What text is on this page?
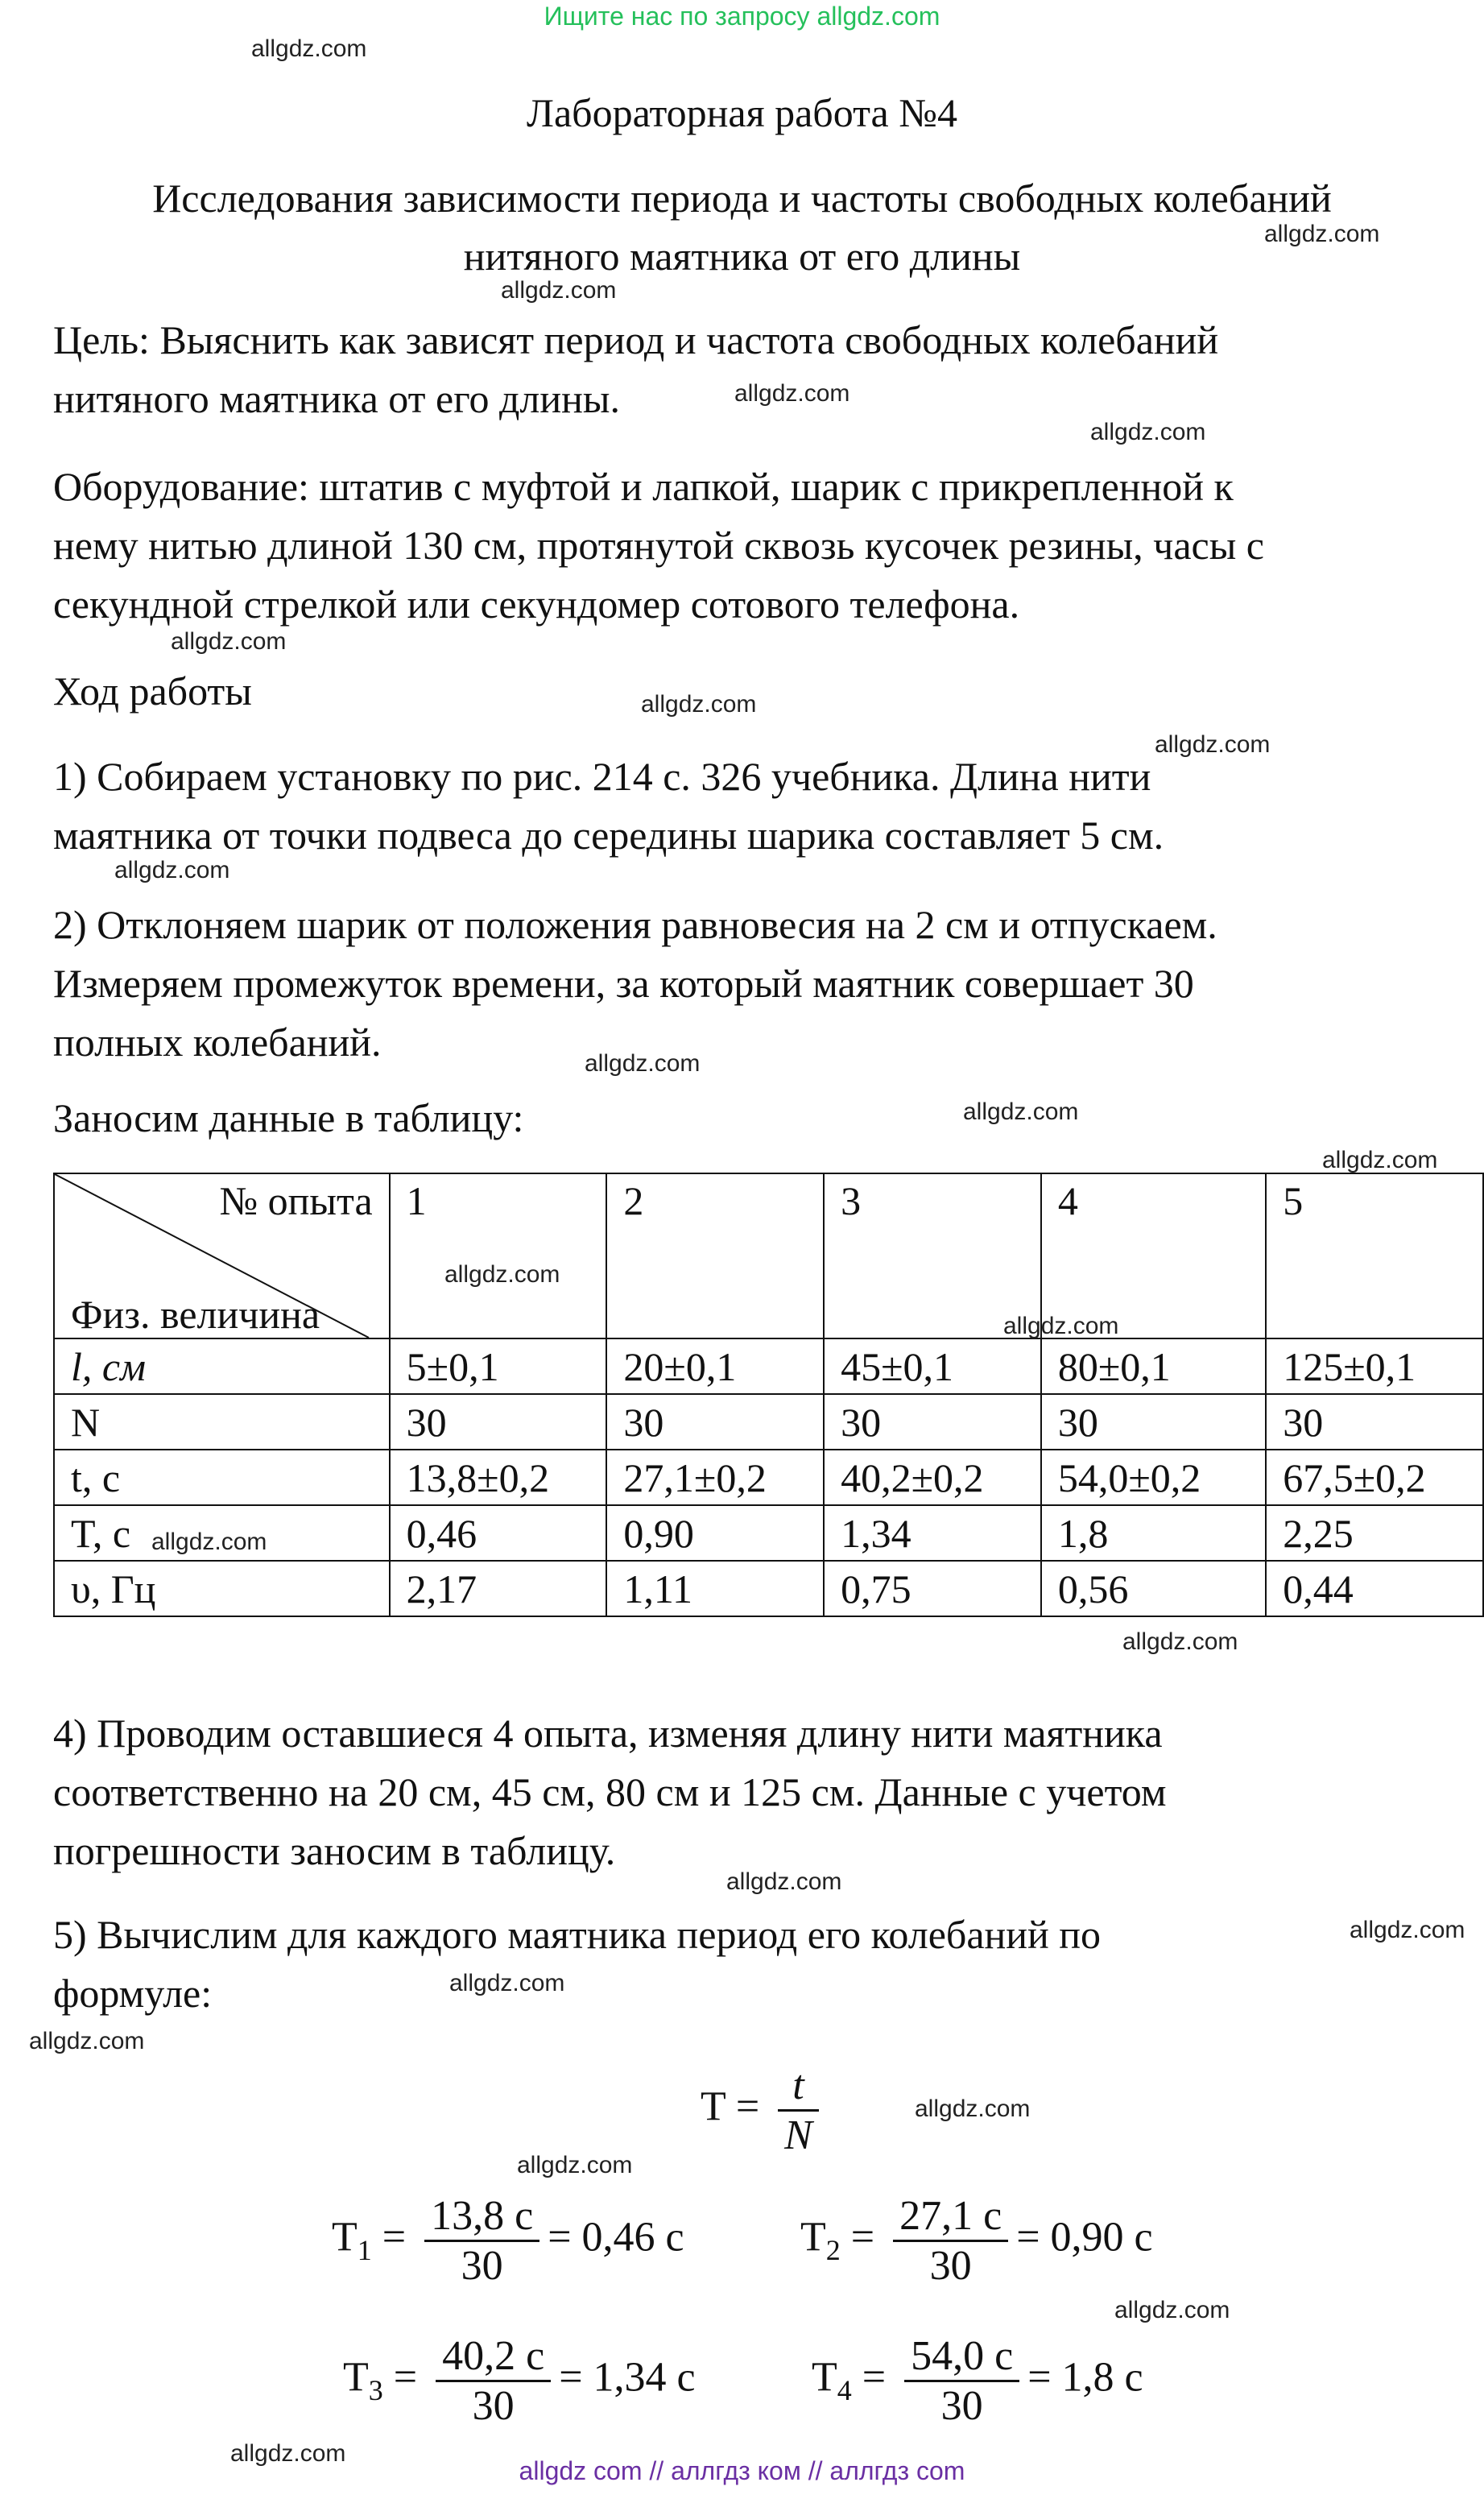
Ищите нас по запросу allgdz.com
allgdz.com
Лабораторная работа №4
Исследования зависимости периода и частоты свободных колебаний
нитяного маятника от его длины	allgdz.com
allgdz.com
Цель: Выяснить как зависят период и частота свободных колебаний
нитяного маятника от его длины.	allgdz.com
allgdz.com
Оборудование: штатив с муфтой и лапкой, шарик с прикрепленной к
нему нитью длиной 130 см, протянутой сквозь кусочек резины, часы с
секундной стрелкой или секундомер сотового телефона.
allgdz.com
Ход работы	allgdz.com
allgdz.com
1) Собираем установку по рис. 214 с. 326 учебника. Длина нити
маятника от точки подвеса до середины шарика составляет 5 см.
allgdz.com
2) Отклоняем шарик от положения равновесия на 2 см и отпускаем.
Измеряем промежуток времени, за который маятник совершает 30
полных колебаний.	allgdz.com
Заносим данные в таблицу:	allgdz.com
allgdz.com
№ опыта
Физ. величина	1	2	3	4	5
l, см	5±0,1	20±0,1	45±0,1	80±0,1	125±0,1
N	30	30	30	30	30
t, с	13,8±0,2	27,1±0,2	40,2±0,2	54,0±0,2	67,5±0,2
T, с	0,46	0,90	1,34	1,8	2,25
υ, Гц	2,17	1,11	0,75	0,56	0,44
allgdz.com
allgdz.com
allgdz.com
allgdz.com
4) Проводим оставшиеся 4 опыта, изменяя длину нити маятника
соответственно на 20 см, 45 см, 80 см и 125 см. Данные с учетом
погрешности заносим в таблицу.
allgdz.com
5) Вычислим для каждого маятника период его колебаний по
формуле:
allgdz.com
allgdz.com
allgdz.com
$T = \frac{t}{N}$	allgdz.com
allgdz.com
$T_1 = \frac{13,8 с}{30} = 0,46$ с	$T_2 = \frac{27,1 с}{30} = 0,90$ с
allgdz.com
$T_3 = \frac{40,2 с}{30} = 1,34$ с	$T_4 = \frac{54,0 с}{30} = 1,8$ с
allgdz.com
allgdz com // аллгдз ком // аллгдз com
